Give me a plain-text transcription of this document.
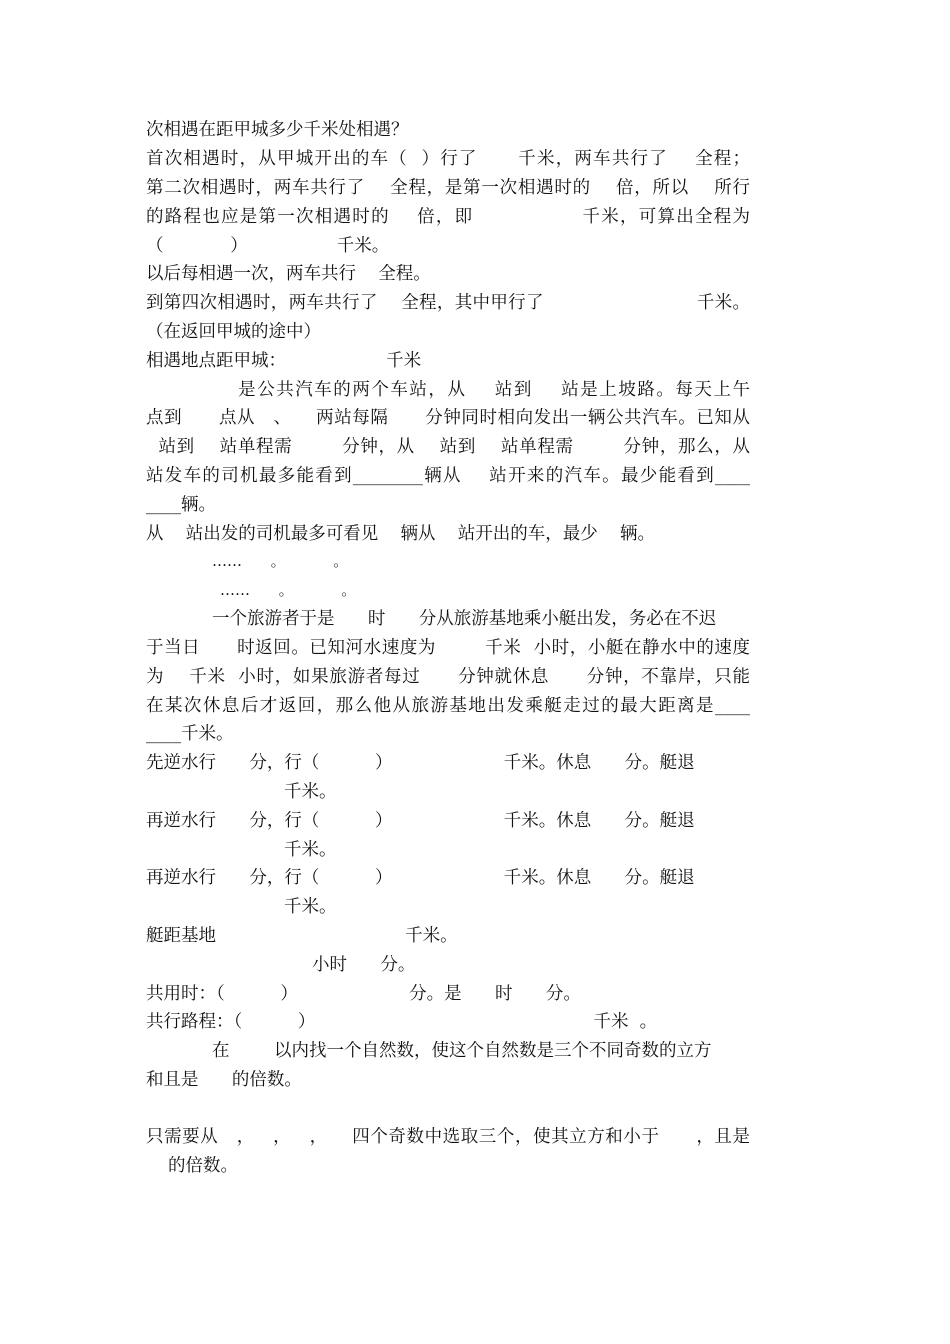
次相遇在距甲城多少千米处相遇？
首次相遇时，从甲城开出的车（  ）行了      千米，两车共行了    全程；
第二次相遇时，两车共行了    全程，是第一次相遇时的    倍，所以    所行
的路程也应是第一次相遇时的    倍，即                千米，可算出全程为
（            ）                千米。
以后每相遇一次，两车共行    全程。
到第四次相遇时，两车共行了    全程，其中甲行了                          千米。
（在返回甲城的途中）
相遇地点距甲城：                  千米
是公共汽车的两个车站，从    站到    站是上坡路。每天上午
点到      点从   、    两站每隔      分钟同时相向发出一辆公共汽车。已知从
站到    站单程需        分钟，从    站到    站单程需        分钟，那么，从
站发车的司机最多能看到________辆从    站开来的汽车。最少能看到____
____辆。
从    站出发的司机最多可看见    辆从    站开出的车，最少    辆。
……      。          。
……      。          。
一个旅游者于是      时      分从旅游基地乘小艇出发，务必在不迟
于当日      时返回。已知河水速度为        千米  小时，小艇在静水中的速度
为    千米  小时，如果旅游者每过      分钟就休息      分钟，不靠岸，只能
在某次休息后才返回，那么他从旅游基地出发乘艇走过的最大距离是____
____千米。
先逆水行      分，行（          ）                    千米。休息      分。艇退
千米。
再逆水行      分，行（          ）                    千米。休息      分。艇退
千米。
再逆水行      分，行（          ）                    千米。休息      分。艇退
千米。
艇距基地                                  千米。
小时      分。
共用时：（          ）                    分。是      时      分。
共行路程：（          ）                                                  千米  。
在        以内找一个自然数，使这个自然数是三个不同奇数的立方
和且是      的倍数。
只需要从   ，   ，   ，    四个奇数中选取三个，使其立方和小于      ，且是
的倍数。
